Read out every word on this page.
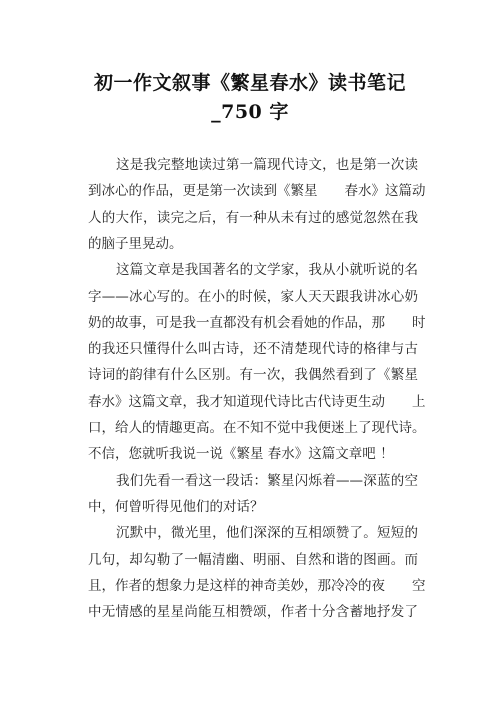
初一作文叙事《繁星春水》读书笔记
_750 字
这是我完整地读过第一篇现代诗文，也是第一次读
到冰心的作品，更是第一次读到《繁星　　春水》这篇动
人的大作，读完之后，有一种从未有过的感觉忽然在我
的脑子里晃动。
这篇文章是我国著名的文学家，我从小就听说的名
字——冰心写的。在小的时候，家人天天跟我讲冰心奶
奶的故事，可是我一直都没有机会看她的作品，那　　时
的我还只懂得什么叫古诗，还不清楚现代诗的格律与古
诗词的韵律有什么区别。有一次，我偶然看到了《繁星
春水》这篇文章，我才知道现代诗比古代诗更生动　　上
口，给人的情趣更高。在不知不觉中我便迷上了现代诗。
不信，您就听我说一说《繁星 春水》这篇文章吧 ！
我们先看一看这一段话：繁星闪烁着——深蓝的空
中，何曾听得见他们的对话？
沉默中，微光里，他们深深的互相颂赞了。短短的
几句，却勾勒了一幅清幽、明丽、自然和谐的图画。而
且，作者的想象力是这样的神奇美妙，那冷冷的夜　　空
中无情感的星星尚能互相赞颂，作者十分含蓄地抒发了
